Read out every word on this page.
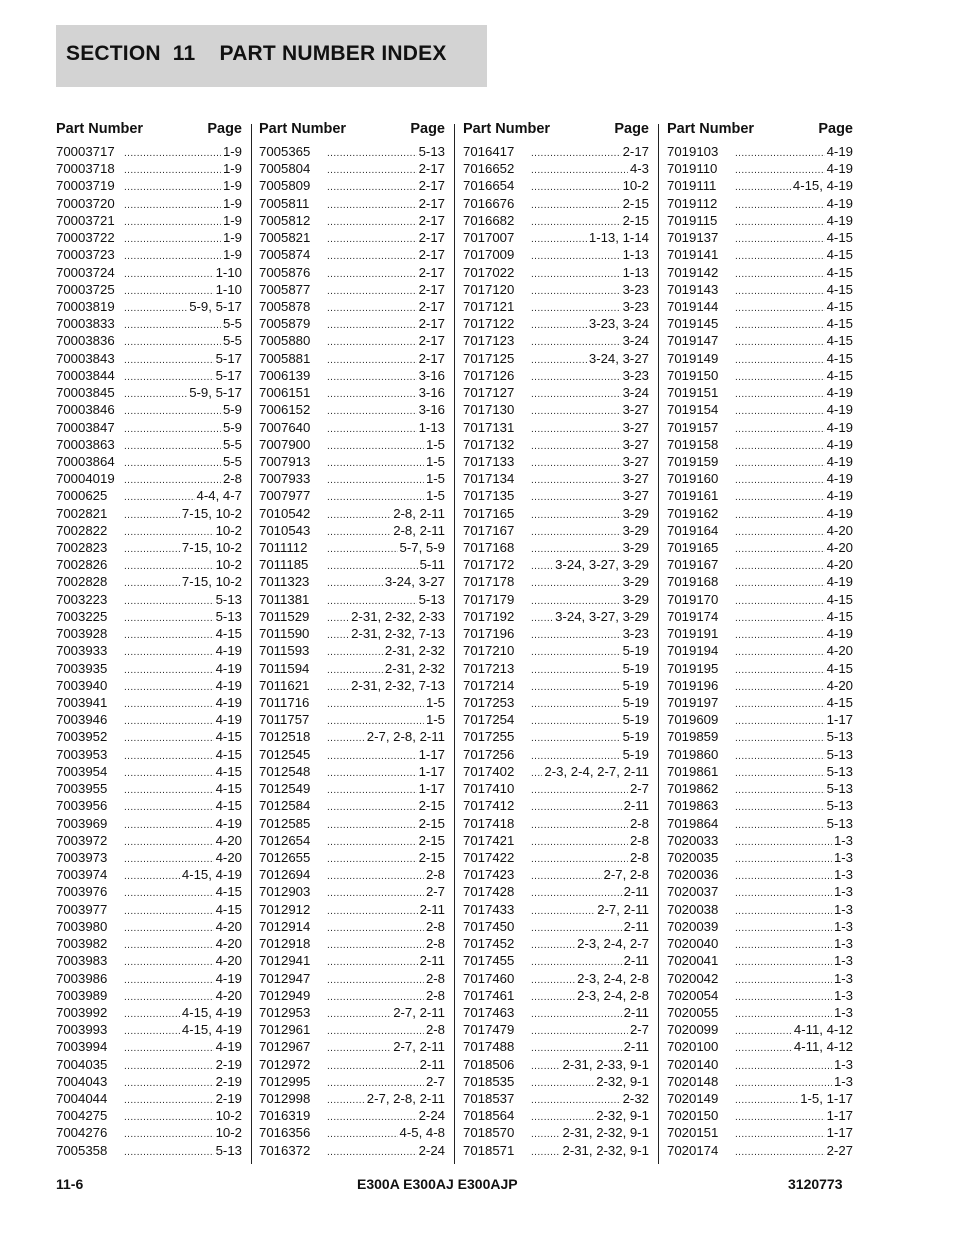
SECTION  11    PART NUMBER INDEX
Part Number	Page
70003717 .....	1-9
70003718 .....	1-9
70003719 .....	1-9
70003720 .....	1-9
70003721 .....	1-9
70003722 .....	1-9
70003723 .....	1-9
70003724 .....	1-10
70003725 .....	1-10
70003819 .....	5-9, 5-17
70003833 .....	5-5
70003836 .....	5-5
70003843 .....	5-17
70003844 .....	5-17
70003845 .....	5-9, 5-17
70003846 .....	5-9
70003847 .....	5-9
70003863 .....	5-5
70003864 .....	5-5
70004019 .....	2-8
7000625 .....	4-4, 4-7
7002821 .....	7-15, 10-2
7002822 .....	10-2
7002823 .....	7-15, 10-2
7002826 .....	10-2
7002828 .....	7-15, 10-2
7003223 .....	5-13
7003225 .....	5-13
7003928 .....	4-15
7003933 .....	4-19
7003935 .....	4-19
7003940 .....	4-19
7003941 .....	4-19
7003946 .....	4-19
7003952 .....	4-15
7003953 .....	4-15
7003954 .....	4-15
7003955 .....	4-15
7003956 .....	4-15
7003969 .....	4-19
7003972 .....	4-20
7003973 .....	4-20
7003974 .....	4-15, 4-19
7003976 .....	4-15
7003977 .....	4-15
7003980 .....	4-20
7003982 .....	4-20
7003983 .....	4-20
7003986 .....	4-19
7003989 .....	4-20
7003992 .....	4-15, 4-19
7003993 .....	4-15, 4-19
7003994 .....	4-19
7004035 .....	2-19
7004043 .....	2-19
7004044 .....	2-19
7004275 .....	10-2
7004276 .....	10-2
7005358 .....	5-13
Part Number	Page
7005365 .....	5-13
7005804 .....	2-17
7005809 .....	2-17
7005811 .....	2-17
7005812 .....	2-17
7005821 .....	2-17
7005874 .....	2-17
7005876 .....	2-17
7005877 .....	2-17
7005878 .....	2-17
7005879 .....	2-17
7005880 .....	2-17
7005881 .....	2-17
7006139 .....	3-16
7006151 .....	3-16
7006152 .....	3-16
7007640 .....	1-13
7007900 .....	1-5
7007913 .....	1-5
7007933 .....	1-5
7007977 .....	1-5
7010542 .....	2-8, 2-11
7010543 .....	2-8, 2-11
7011112 .....	5-7, 5-9
7011185 .....	5-11
7011323 .....	3-24, 3-27
7011381 .....	5-13
7011529 .....	2-31, 2-32, 2-33
7011590 .....	2-31, 2-32, 7-13
7011593 .....	2-31, 2-32
7011594 .....	2-31, 2-32
7011621 .....	2-31, 2-32, 7-13
7011716 .....	1-5
7011757 .....	1-5
7012518 .....	2-7, 2-8, 2-11
7012545 .....	1-17
7012548 .....	1-17
7012549 .....	1-17
7012584 .....	2-15
7012585 .....	2-15
7012654 .....	2-15
7012655 .....	2-15
7012694 .....	2-8
7012903 .....	2-7
7012912 .....	2-11
7012914 .....	2-8
7012918 .....	2-8
7012941 .....	2-11
7012947 .....	2-8
7012949 .....	2-8
7012953 .....	2-7, 2-11
7012961 .....	2-8
7012967 .....	2-7, 2-11
7012972 .....	2-11
7012995 .....	2-7
7012998 .....	2-7, 2-8, 2-11
7016319 .....	2-24
7016356 .....	4-5, 4-8
7016372 .....	2-24
Part Number	Page
7016417 .....	2-17
7016652 .....	4-3
7016654 .....	10-2
7016676 .....	2-15
7016682 .....	2-15
7017007 .....	1-13, 1-14
7017009 .....	1-13
7017022 .....	1-13
7017120 .....	3-23
7017121 .....	3-23
7017122 .....	3-23, 3-24
7017123 .....	3-24
7017125 .....	3-24, 3-27
7017126 .....	3-23
7017127 .....	3-24
7017130 .....	3-27
7017131 .....	3-27
7017132 .....	3-27
7017133 .....	3-27
7017134 .....	3-27
7017135 .....	3-27
7017165 .....	3-29
7017167 .....	3-29
7017168 .....	3-29
7017172 .....	3-24, 3-27, 3-29
7017178 .....	3-29
7017179 .....	3-29
7017192 .....	3-24, 3-27, 3-29
7017196 .....	3-23
7017210 .....	5-19
7017213 .....	5-19
7017214 .....	5-19
7017253 .....	5-19
7017254 .....	5-19
7017255 .....	5-19
7017256 .....	5-19
7017402 .....	2-3, 2-4, 2-7, 2-11
7017410 .....	2-7
7017412 .....	2-11
7017418 .....	2-8
7017421 .....	2-8
7017422 .....	2-8
7017423 .....	2-7, 2-8
7017428 .....	2-11
7017433 .....	2-7, 2-11
7017450 .....	2-11
7017452 .....	2-3, 2-4, 2-7
7017455 .....	2-11
7017460 .....	2-3, 2-4, 2-8
7017461 .....	2-3, 2-4, 2-8
7017463 .....	2-11
7017479 .....	2-7
7017488 .....	2-11
7018506 .....	2-31, 2-33, 9-1
7018535 .....	2-32, 9-1
7018537 .....	2-32
7018564 .....	2-32, 9-1
7018570 .....	2-31, 2-32, 9-1
7018571 .....	2-31, 2-32, 9-1
Part Number	Page
7019103 .....	4-19
7019110 .....	4-19
7019111 .....	4-15, 4-19
7019112 .....	4-19
7019115 .....	4-19
7019137 .....	4-15
7019141 .....	4-15
7019142 .....	4-15
7019143 .....	4-15
7019144 .....	4-15
7019145 .....	4-15
7019147 .....	4-15
7019149 .....	4-15
7019150 .....	4-15
7019151 .....	4-19
7019154 .....	4-19
7019157 .....	4-19
7019158 .....	4-19
7019159 .....	4-19
7019160 .....	4-19
7019161 .....	4-19
7019162 .....	4-19
7019164 .....	4-20
7019165 .....	4-20
7019167 .....	4-20
7019168 .....	4-19
7019170 .....	4-15
7019174 .....	4-15
7019191 .....	4-19
7019194 .....	4-20
7019195 .....	4-15
7019196 .....	4-20
7019197 .....	4-15
7019609 .....	1-17
7019859 .....	5-13
7019860 .....	5-13
7019861 .....	5-13
7019862 .....	5-13
7019863 .....	5-13
7019864 .....	5-13
7020033 .....	1-3
7020035 .....	1-3
7020036 .....	1-3
7020037 .....	1-3
7020038 .....	1-3
7020039 .....	1-3
7020040 .....	1-3
7020041 .....	1-3
7020042 .....	1-3
7020054 .....	1-3
7020055 .....	1-3
7020099 .....	4-11, 4-12
7020100 .....	4-11, 4-12
7020140 .....	1-3
7020148 .....	1-3
7020149 .....	1-5, 1-17
7020150 .....	1-17
7020151 .....	1-17
7020174 .....	2-27
11-6	E300A E300AJ E300AJP	3120773
